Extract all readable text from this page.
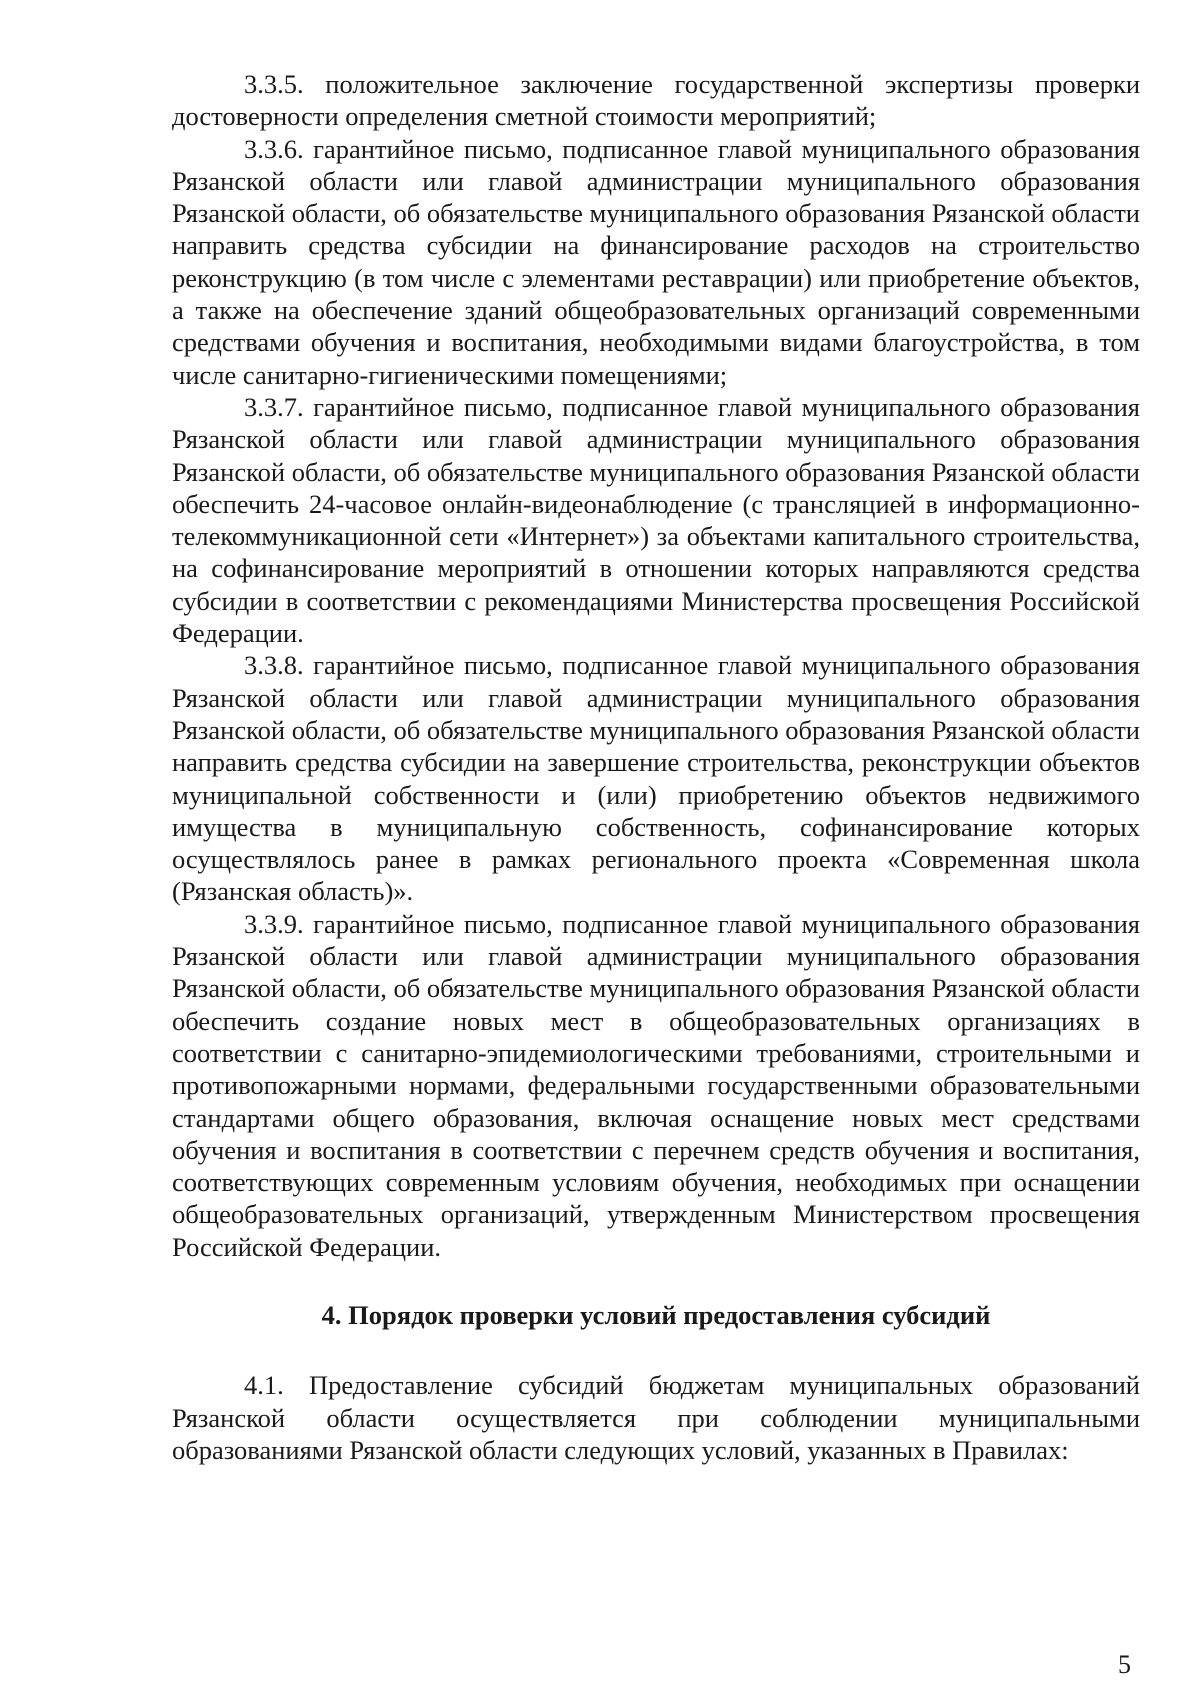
3.3.5. положительное заключение государственной экспертизы проверки достоверности определения сметной стоимости мероприятий;

3.3.6. гарантийное письмо, подписанное главой муниципального образования Рязанской области или главой администрации муниципального образования Рязанской области, об обязательстве муниципального образования Рязанской области направить средства субсидии на финансирование расходов на строительство реконструкцию (в том числе с элементами реставрации) или приобретение объектов, а также на обеспечение зданий общеобразовательных организаций современными средствами обучения и воспитания, необходимыми видами благоустройства, в том числе санитарно-гигиеническими помещениями;

3.3.7. гарантийное письмо, подписанное главой муниципального образования Рязанской области или главой администрации муниципального образования Рязанской области, об обязательстве муниципального образования Рязанской области обеспечить 24-часовое онлайн-видеонаблюдение (с трансляцией в информационно-телекоммуникационной сети «Интернет») за объектами капитального строительства, на софинансирование мероприятий в отношении которых направляются средства субсидии в соответствии с рекомендациями Министерства просвещения Российской Федерации.

3.3.8. гарантийное письмо, подписанное главой муниципального образования Рязанской области или главой администрации муниципального образования Рязанской области, об обязательстве муниципального образования Рязанской области направить средства субсидии на завершение строительства, реконструкции объектов муниципальной собственности и (или) приобретению объектов недвижимого имущества в муниципальную собственность, софинансирование которых осуществлялось ранее в рамках регионального проекта «Современная школа (Рязанская область)».

3.3.9. гарантийное письмо, подписанное главой муниципального образования Рязанской области или главой администрации муниципального образования Рязанской области, об обязательстве муниципального образования Рязанской области обеспечить создание новых мест в общеобразовательных организациях в соответствии с санитарно-эпидемиологическими требованиями, строительными и противопожарными нормами, федеральными государственными образовательными стандартами общего образования, включая оснащение новых мест средствами обучения и воспитания в соответствии с перечнем средств обучения и воспитания, соответствующих современным условиям обучения, необходимых при оснащении общеобразовательных организаций, утвержденным Министерством просвещения Российской Федерации.

4. Порядок проверки условий предоставления субсидий

4.1. Предоставление субсидий бюджетам муниципальных образований Рязанской области осуществляется при соблюдении муниципальными образованиями Рязанской области следующих условий, указанных в Правилах:

5
